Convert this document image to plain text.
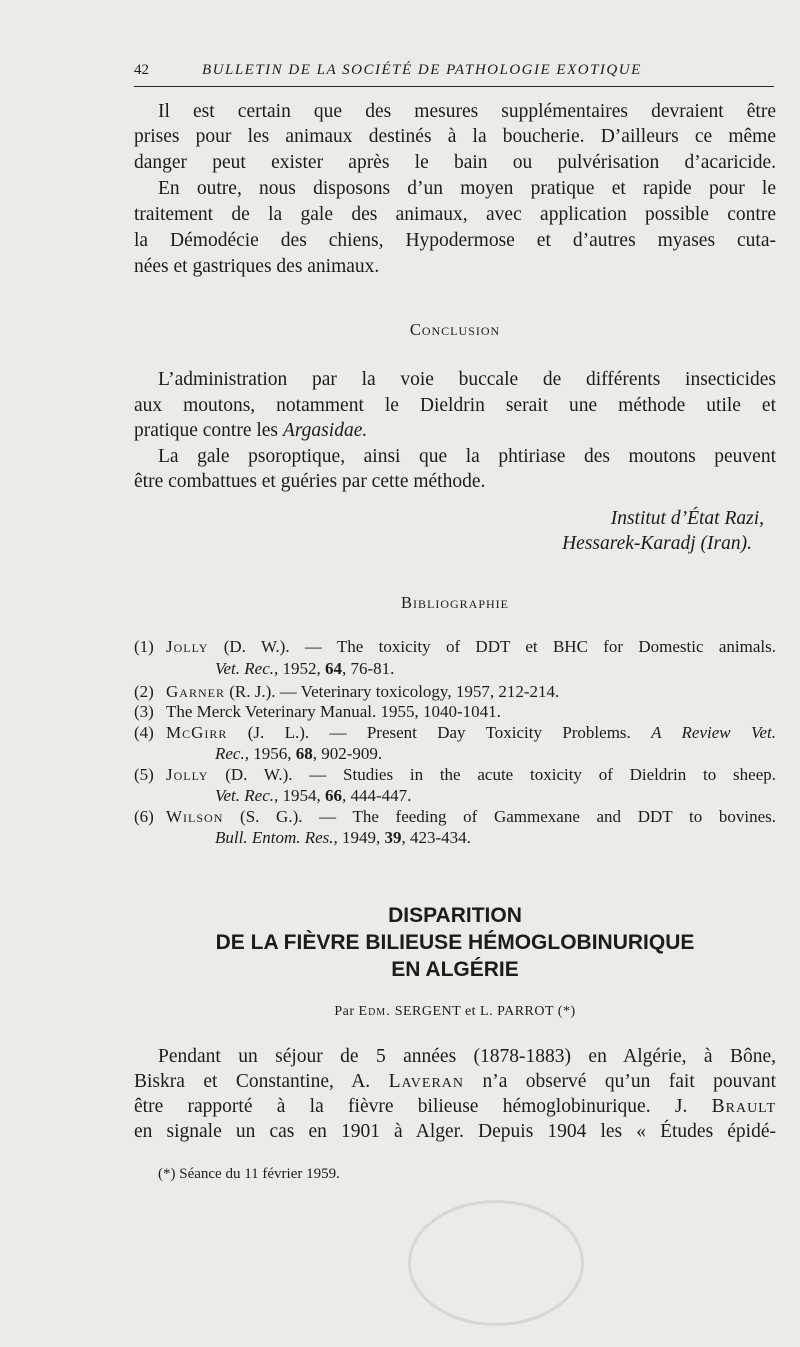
42	BULLETIN DE LA SOCIÉTÉ DE PATHOLOGIE EXOTIQUE
Il est certain que des mesures supplémentaires devraient être
prises pour les animaux destinés à la boucherie. D’ailleurs ce même
danger peut exister après le bain ou pulvérisation d’acaricide.
En outre, nous disposons d’un moyen pratique et rapide pour le
traitement de la gale des animaux, avec application possible contre
la Démodécie des chiens, Hypodermose et d’autres myases cuta-
nées et gastriques des animaux.
Conclusion
L’administration par la voie buccale de différents insecticides
aux moutons, notamment le Dieldrin serait une méthode utile et
pratique contre les Argasidae.
La gale psoroptique, ainsi que la phtiriase des moutons peuvent
être combattues et guéries par cette méthode.
Institut d’État Razi,
Hessarek-Karadj (Iran).
Bibliographie
(1) Jolly (D. W.). — The toxicity of DDT et BHC for Domestic animals.
Vet. Rec., 1952, 64, 76-81.
(2) Garner (R. J.). — Veterinary toxicology, 1957, 212-214.
(3) The Merck Veterinary Manual. 1955, 1040-1041.
(4) McGirr (J. L.). — Present Day Toxicity Problems. A Review Vet.
Rec., 1956, 68, 902-909.
(5) Jolly (D. W.). — Studies in the acute toxicity of Dieldrin to sheep.
Vet. Rec., 1954, 66, 444-447.
(6) Wilson (S. G.). — The feeding of Gammexane and DDT to bovines.
Bull. Entom. Res., 1949, 39, 423-434.
DISPARITION
DE LA FIÈVRE BILIEUSE HÉMOGLOBINURIQUE
EN ALGÉRIE
Par Edm. SERGENT et L. PARROT (*)
Pendant un séjour de 5 années (1878-1883) en Algérie, à Bône,
Biskra et Constantine, A. Laveran n’a observé qu’un fait pouvant
être rapporté à la fièvre bilieuse hémoglobinurique. J. Brault
en signale un cas en 1901 à Alger. Depuis 1904 les « Études épidé-
(*) Séance du 11 février 1959.
